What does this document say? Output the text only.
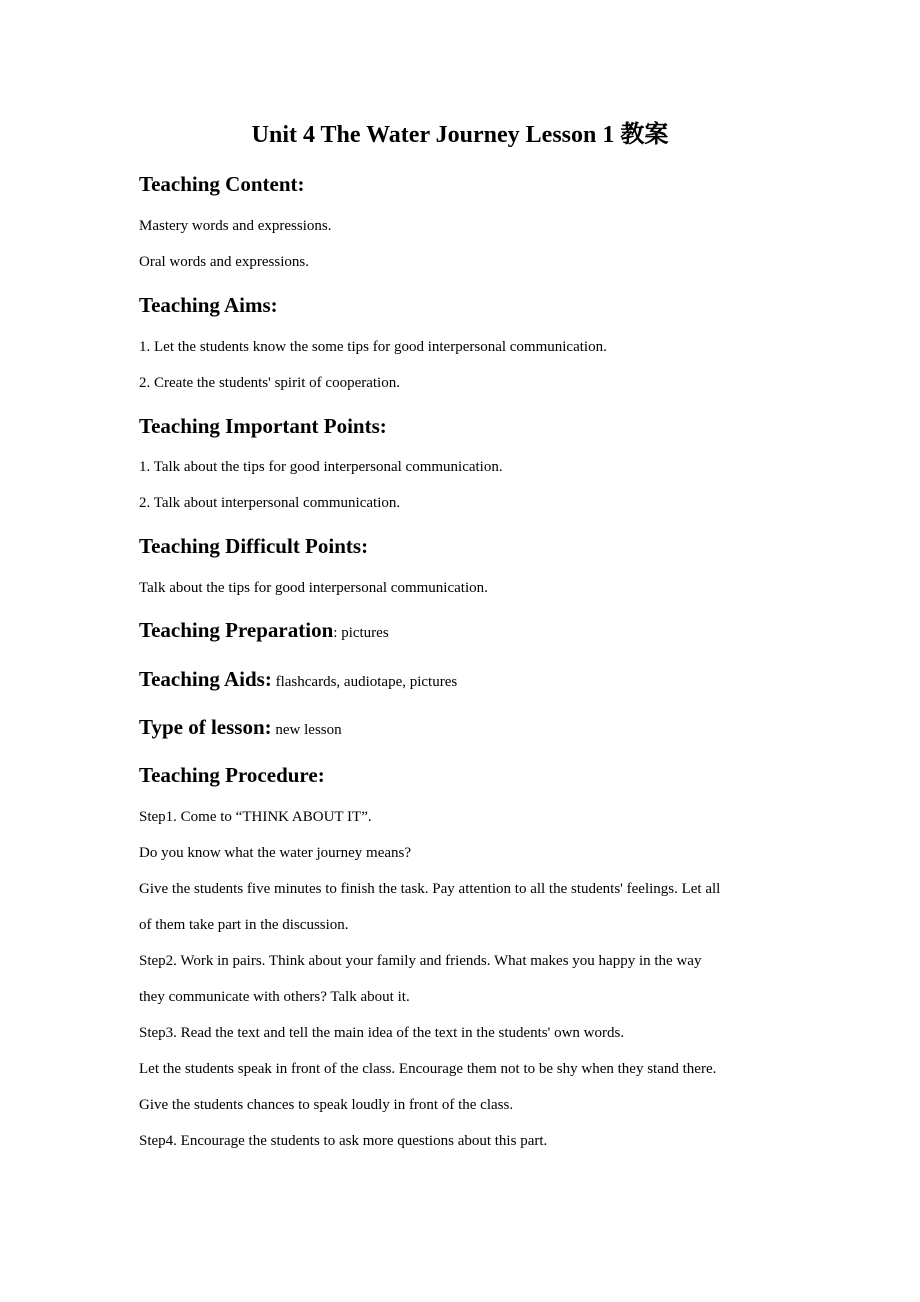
Unit 4 The Water Journey Lesson 1 教案
Teaching Content:
Mastery words and expressions.
Oral words and expressions.
Teaching Aims:
1. Let the students know the some tips for good interpersonal communication.
2. Create the students' spirit of cooperation.
Teaching Important Points:
1. Talk about the tips for good interpersonal communication.
2. Talk about interpersonal communication.
Teaching Difficult Points:
Talk about the tips for good interpersonal communication.
Teaching Preparation: pictures
Teaching Aids: flashcards, audiotape, pictures
Type of lesson: new lesson
Teaching Procedure:
Step1. Come to “THINK ABOUT IT”.
Do you know what the water journey means?
Give the students five minutes to finish the task. Pay attention to all the students' feelings. Let all
of them take part in the discussion.
Step2. Work in pairs. Think about your family and friends. What makes you happy in the way
they communicate with others? Talk about it.
Step3. Read the text and tell the main idea of the text in the students' own words.
Let the students speak in front of the class. Encourage them not to be shy when they stand there.
Give the students chances to speak loudly in front of the class.
Step4. Encourage the students to ask more questions about this part.
